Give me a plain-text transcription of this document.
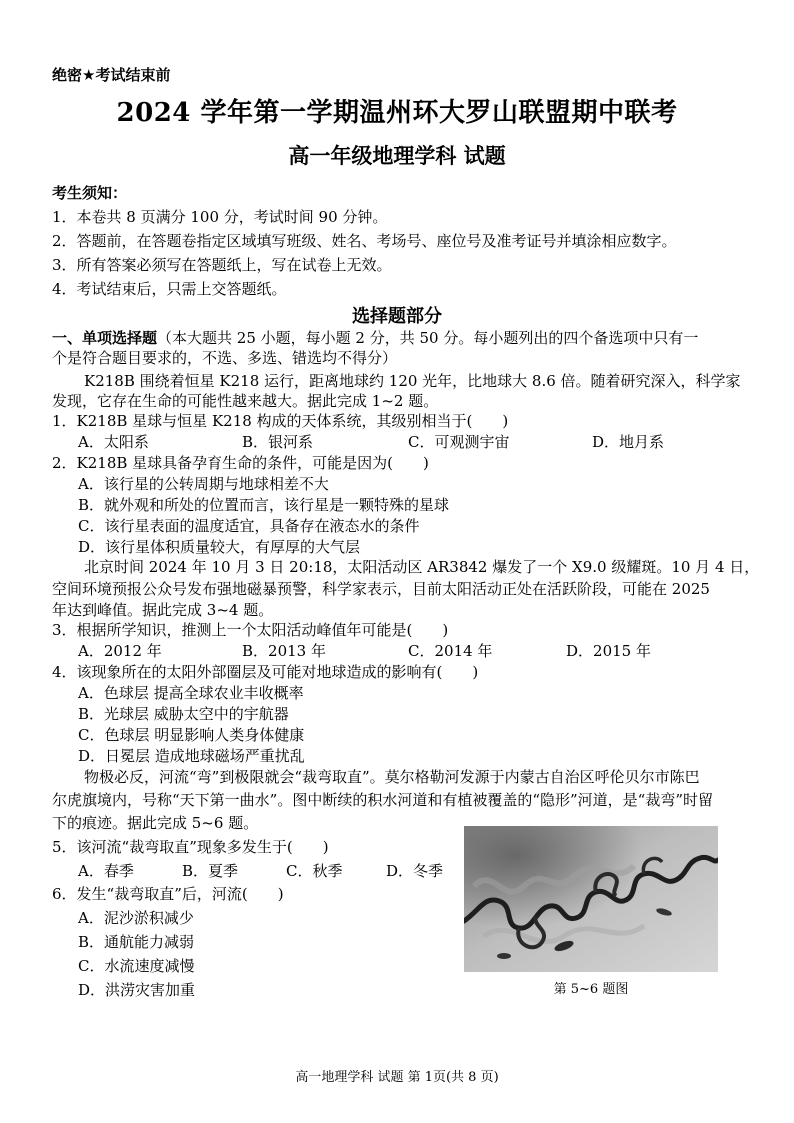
绝密★考试结束前
2024 学年第一学期温州环大罗山联盟期中联考
高一年级地理学科 试题
考生须知：
1．本卷共 8 页满分 100 分，考试时间 90 分钟。
2．答题前，在答题卷指定区域填写班级、姓名、考场号、座位号及准考证号并填涂相应数字。
3．所有答案必须写在答题纸上，写在试卷上无效。
4．考试结束后，只需上交答题纸。
选择题部分
一、单项选择题（本大题共 25 小题，每小题 2 分，共 50 分。每小题列出的四个备选项中只有一
个是符合题目要求的，不选、多选、错选均不得分）
K218B 围绕着恒星 K218 运行，距离地球约 120 光年，比地球大 8.6 倍。随着研究深入，科学家
发现，它存在生命的可能性越来越大。据此完成 1~2 题。
1．K218B 星球与恒星 K218 构成的天体系统，其级别相当于(　　)
A．太阳系	B．银河系	C．可观测宇宙	D．地月系
2．K218B 星球具备孕育生命的条件，可能是因为(　　)
A．该行星的公转周期与地球相差不大
B．就外观和所处的位置而言，该行星是一颗特殊的星球
C．该行星表面的温度适宜，具备存在液态水的条件
D．该行星体积质量较大，有厚厚的大气层
北京时间 2024 年 10 月 3 日 20:18，太阳活动区 AR3842 爆发了一个 X9.0 级耀斑。10 月 4 日，
空间环境预报公众号发布强地磁暴预警，科学家表示，目前太阳活动正处在活跃阶段，可能在 2025
年达到峰值。据此完成 3~4 题。
3．根据所学知识，推测上一个太阳活动峰值年可能是(　　)
A．2012 年	B．2013 年	C．2014 年	D．2015 年
4．该现象所在的太阳外部圈层及可能对地球造成的影响有(　　)
A．色球层 提高全球农业丰收概率
B．光球层 威胁太空中的宇航器
C．色球层 明显影响人类身体健康
D．日冕层 造成地球磁场严重扰乱
物极必反，河流“弯”到极限就会“裁弯取直”。莫尔格勒河发源于内蒙古自治区呼伦贝尔市陈巴
尔虎旗境内，号称“天下第一曲水”。图中断续的积水河道和有植被覆盖的“隐形”河道，是“裁弯”时留
下的痕迹。据此完成 5~6 题。
5．该河流“裁弯取直”现象多发生于(　　)
A．春季	B．夏季	C．秋季	D．冬季
6．发生“裁弯取直”后，河流(　　)
A．泥沙淤积减少
B．通航能力减弱
C．水流速度减慢
D．洪涝灾害加重	第 5~6 题图
高一地理学科 试题 第 1页(共 8 页)
